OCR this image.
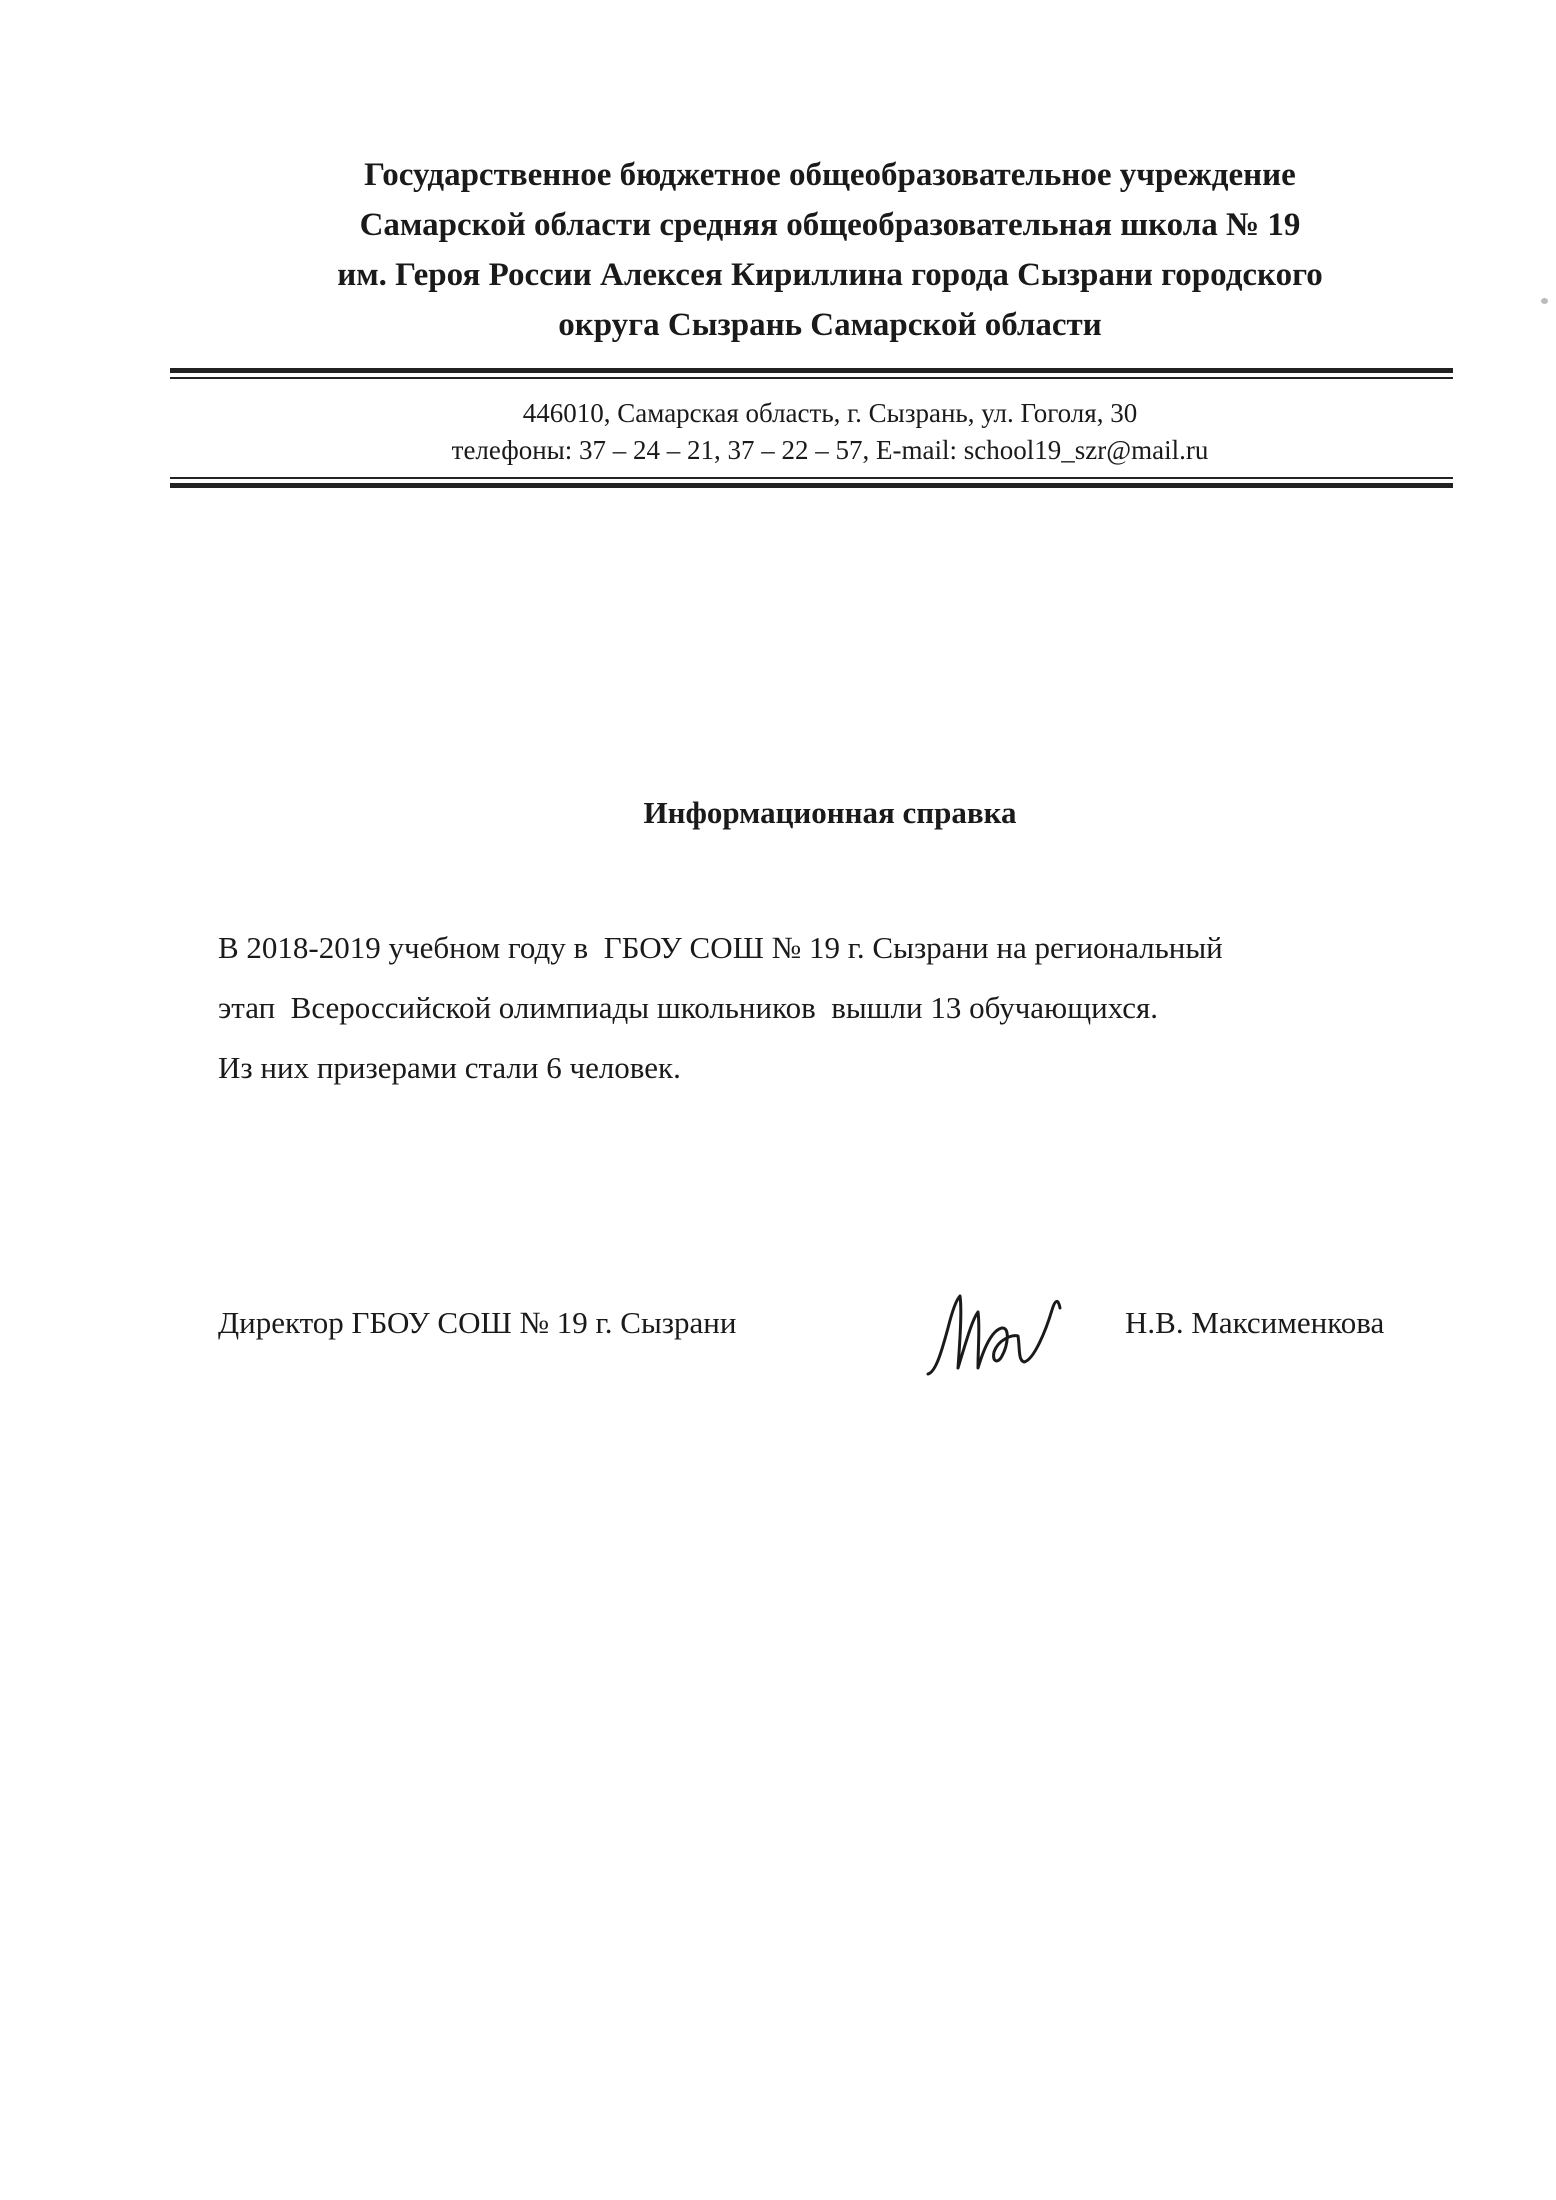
Государственное бюджетное общеобразовательное учреждение
Самарской области средняя общеобразовательная школа № 19
им. Героя России Алексея Кириллина города Сызрани городского
округа Сызрань Самарской области
446010, Самарская область, г. Сызрань, ул. Гоголя, 30
телефоны: 37 – 24 – 21, 37 – 22 – 57, E-mail: school19_szr@mail.ru
Информационная справка
В 2018-2019 учебном году в  ГБОУ СОШ № 19 г. Сызрани на региональный
этап  Всероссийской олимпиады школьников  вышли 13 обучающихся.
Из них призерами стали 6 человек.
Директор ГБОУ СОШ № 19 г. Сызрани	Н.В. Максименкова
